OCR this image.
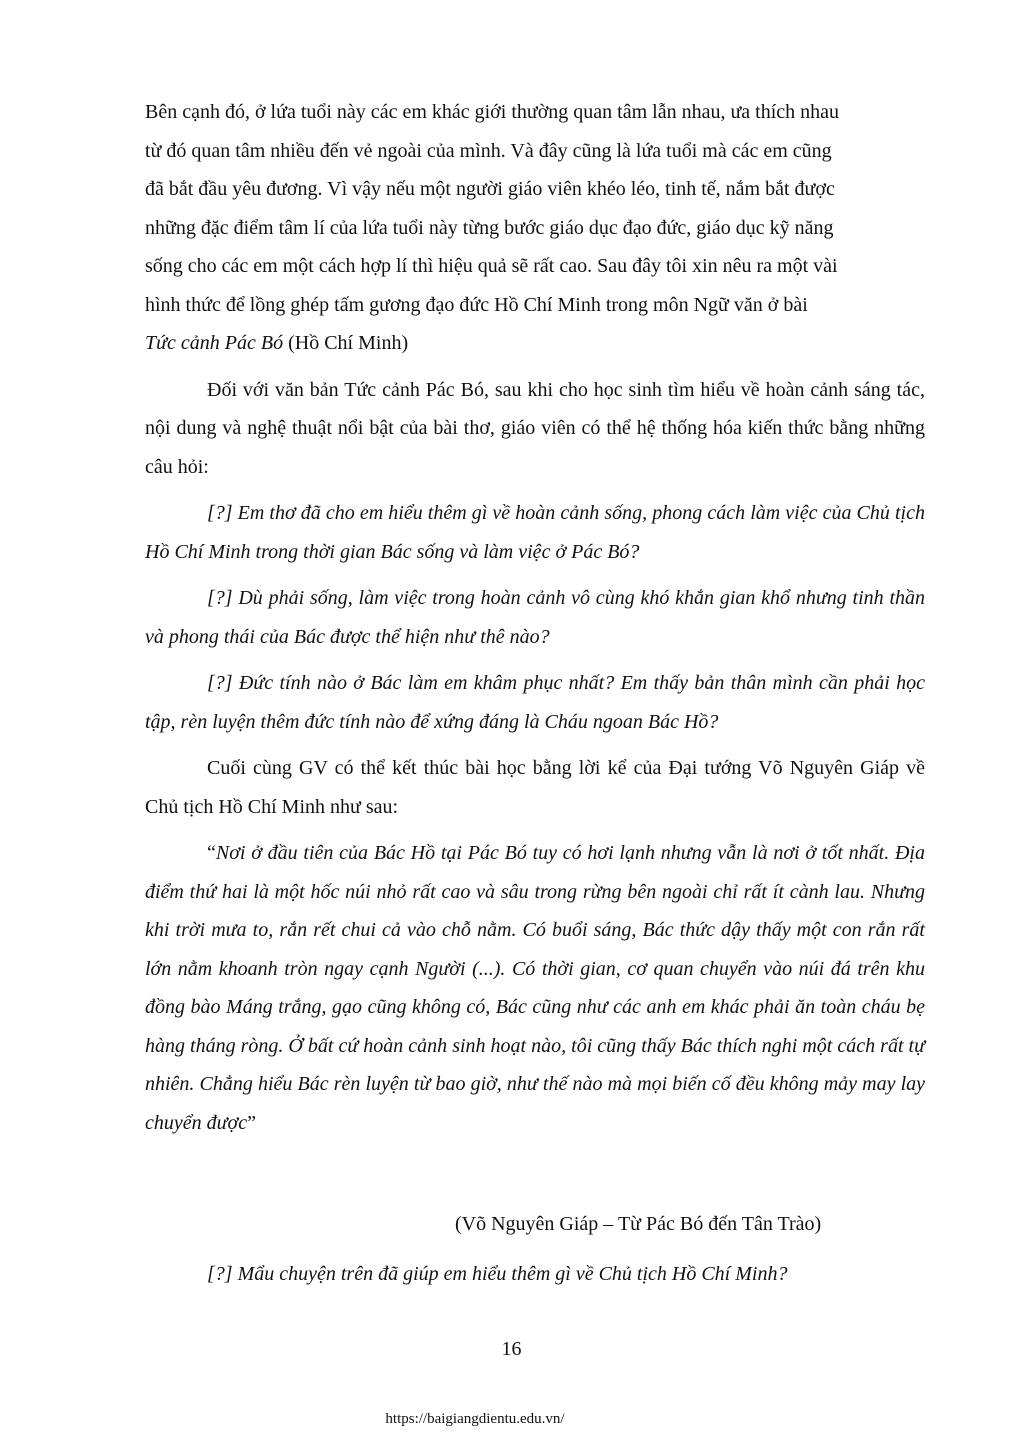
Bên cạnh đó, ở lứa tuổi này các em khác giới thường quan tâm lẫn nhau, ưa thích nhau
từ đó quan tâm nhiều đến vẻ ngoài của mình. Và đây cũng là lứa tuổi mà các em cũng
đã bắt đầu yêu đương. Vì vậy nếu một người giáo viên khéo léo, tinh tế, nắm bắt được
những đặc điểm tâm lí của lứa tuổi này từng bước giáo dục đạo đức, giáo dục kỹ năng
sống cho các em một cách hợp lí thì hiệu quả sẽ rất cao. Sau đây tôi xin nêu ra một vài
hình thức để lồng ghép tấm gương đạo đức Hồ Chí Minh trong môn Ngữ văn ở bài
Tức cảnh Pác Bó (Hồ Chí Minh)

Đối với văn bản Tức cảnh Pác Bó, sau khi cho học sinh tìm hiểu về hoàn cảnh sáng tác, nội dung và nghệ thuật nổi bật của bài thơ, giáo viên có thể hệ thống hóa kiến thức bằng những câu hỏi:

[?] Em thơ đã cho em hiểu thêm gì về hoàn cảnh sống, phong cách làm việc của Chủ tịch Hồ Chí Minh trong thời gian Bác sống và làm việc ở Pác Bó?

[?] Dù phải sống, làm việc trong hoàn cảnh vô cùng khó khắn gian khổ nhưng tinh thần và phong thái của Bác được thể hiện như thê nào?

[?] Đức tính nào ở Bác làm em khâm phục nhất? Em thấy bản thân mình cần phải học tập, rèn luyện thêm đức tính nào để xứng đáng là Cháu ngoan Bác Hồ?

Cuối cùng GV có thể kết thúc bài học bằng lời kể của Đại tướng Võ Nguyên Giáp về Chủ tịch Hồ Chí Minh như sau:

“Nơi ở đầu tiên của Bác Hồ tại Pác Bó tuy có hơi lạnh nhưng vẫn là nơi ở tốt nhất. Địa điểm thứ hai là một hốc núi nhỏ rất cao và sâu trong rừng bên ngoài chỉ rất ít cành lau. Nhưng khi trời mưa to, rắn rết chui cả vào chỗ nằm. Có buổi sáng, Bác thức dậy thấy một con rắn rất lớn nằm khoanh tròn ngay cạnh Người (...). Có thời gian, cơ quan chuyển vào núi đá trên khu đồng bào Máng trắng, gạo cũng không có, Bác cũng như các anh em khác phải ăn toàn cháu bẹ hàng tháng ròng. Ở bất cứ hoàn cảnh sinh hoạt nào, tôi cũng thấy Bác thích nghi một cách rất tự nhiên. Chẳng hiểu Bác rèn luyện từ bao giờ, như thế nào mà mọi biến cố đều không mảy may lay chuyển được”

(Võ Nguyên Giáp – Từ Pác Bó đến Tân Trào)

[?] Mẩu chuyện trên đã giúp em hiểu thêm gì về Chủ tịch Hồ Chí Minh?

16
https://baigiangdientu.edu.vn/
